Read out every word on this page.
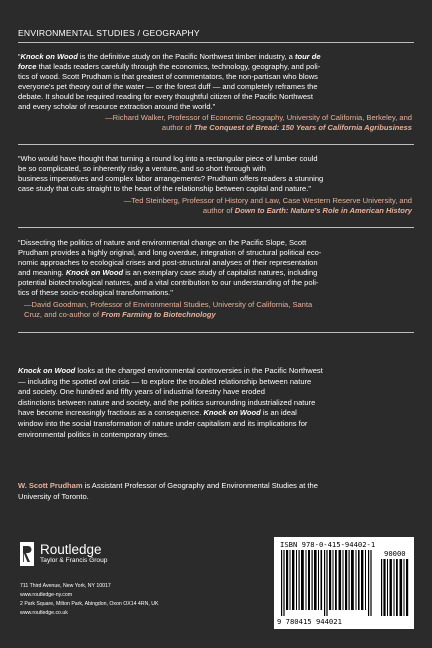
ENVIRONMENTAL STUDIES / GEOGRAPHY
“Knock on Wood is the definitive study on the Pacific Northwest timber industry, a tour de
force that leads readers carefully through the economics, technology, geography, and poli-
tics of wood. Scott Prudham is that greatest of commentators, the non-partisan who blows
everyone's pet theory out of the water — or the forest duff — and completely reframes the
debate. It should be required reading for every thoughtful citizen of the Pacific Northwest
and every scholar of resource extraction around the world."
—Richard Walker, Professor of Economic Geography, University of California, Berkeley, and
author of The Conquest of Bread: 150 Years of California Agribusiness
“Who would have thought that turning a round log into a rectangular piece of lumber could
be so complicated, so inherently risky a venture, and so short through with
business imperatives and complex labor arrangements? Prudham offers readers a stunning
case study that cuts straight to the heart of the relationship between capital and nature."
—Ted Steinberg, Professor of History and Law, Case Western Reserve University, and
author of Down to Earth: Nature's Role in American History
“Dissecting the politics of nature and environmental change on the Pacific Slope, Scott
Prudham provides a highly original, and long overdue, integration of structural political eco-
nomic approaches to ecological crises and post-structural analyses of their representation
and meaning. Knock on Wood is an exemplary case study of capitalist natures, including
potential biotechnological natures, and a vital contribution to our understanding of the poli-
tics of these socio-ecological transformations."
—David Goodman, Professor of Environmental Studies, University of California, Santa
Cruz, and co-author of From Farming to Biotechnology
Knock on Wood looks at the charged environmental controversies in the Pacific Northwest
— including the spotted owl crisis — to explore the troubled relationship between nature
and society. One hundred and fifty years of industrial forestry have eroded
distinctions between nature and society, and the politics surrounding industrialized nature
have become increasingly fractious as a consequence. Knock on Wood is an ideal
window into the social transformation of nature under capitalism and its implications for
environmental politics in contemporary times.
W. Scott Prudham is Assistant Professor of Geography and Environmental Studies at the
University of Toronto.
Routledge
Taylor & Francis Group
711 Third Avenue, New York, NY 10017
www.routledge-ny.com
2 Park Square, Milton Park, Abingdon, Oxon OX14 4RN, UK
www.routledge.co.uk
ISBN 978-0-415-94402-1
90000
9 780415 944021
